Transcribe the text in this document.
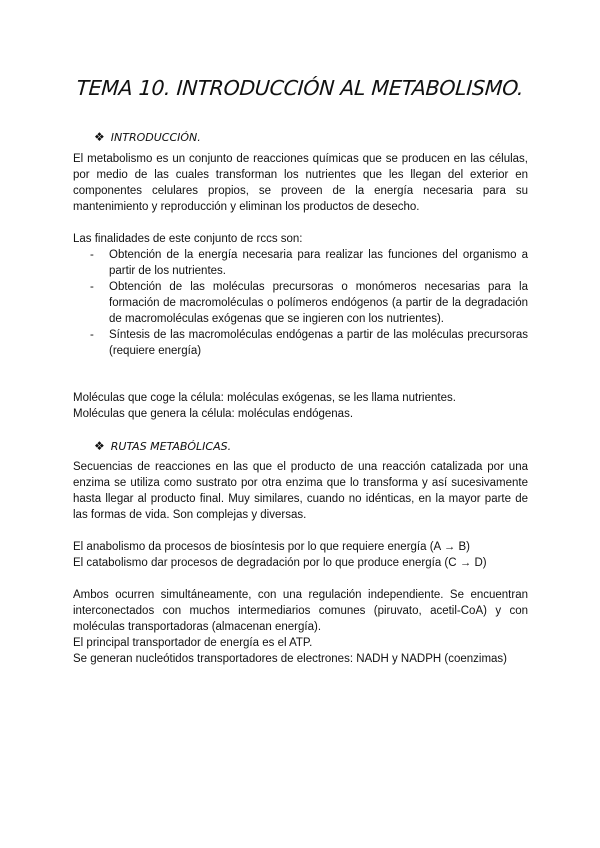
TEMA 10. INTRODUCCIÓN AL METABOLISMO.
❖ INTRODUCCIÓN.

El metabolismo es un conjunto de reacciones químicas que se producen en las células, por medio de las cuales transforman los nutrientes que les llegan del exterior en componentes celulares propios, se proveen de la energía necesaria para su mantenimiento y reproducción y eliminan los productos de desecho.

Las finalidades de este conjunto de rccs son:

- Obtención de la energía necesaria para realizar las funciones del organismo a partir de los nutrientes.
- Obtención de las moléculas precursoras o monómeros necesarias para la formación de macromoléculas o polímeros endógenos (a partir de la degradación de macromoléculas exógenas que se ingieren con los nutrientes).
- Síntesis de las macromoléculas endógenas a partir de las moléculas precursoras (requiere energía)

Moléculas que coge la célula: moléculas exógenas, se les llama nutrientes.

Moléculas que genera la célula: moléculas endógenas.

❖ RUTAS METABÓLICAS.

Secuencias de reacciones en las que el producto de una reacción catalizada por una enzima se utiliza como sustrato por otra enzima que lo transforma y así sucesivamente hasta llegar al producto final. Muy similares, cuando no idénticas, en la mayor parte de las formas de vida. Son complejas y diversas.

El anabolismo da procesos de biosíntesis por lo que requiere energía (A → B)

El catabolismo dar procesos de degradación por lo que produce energía (C → D)

Ambos ocurren simultáneamente, con una regulación independiente. Se encuentran interconectados con muchos intermediarios comunes (piruvato, acetil-CoA) y con moléculas transportadoras (almacenan energía).

El principal transportador de energía es el ATP.

Se generan nucleótidos transportadores de electrones: NADH y NADPH (coenzimas)
